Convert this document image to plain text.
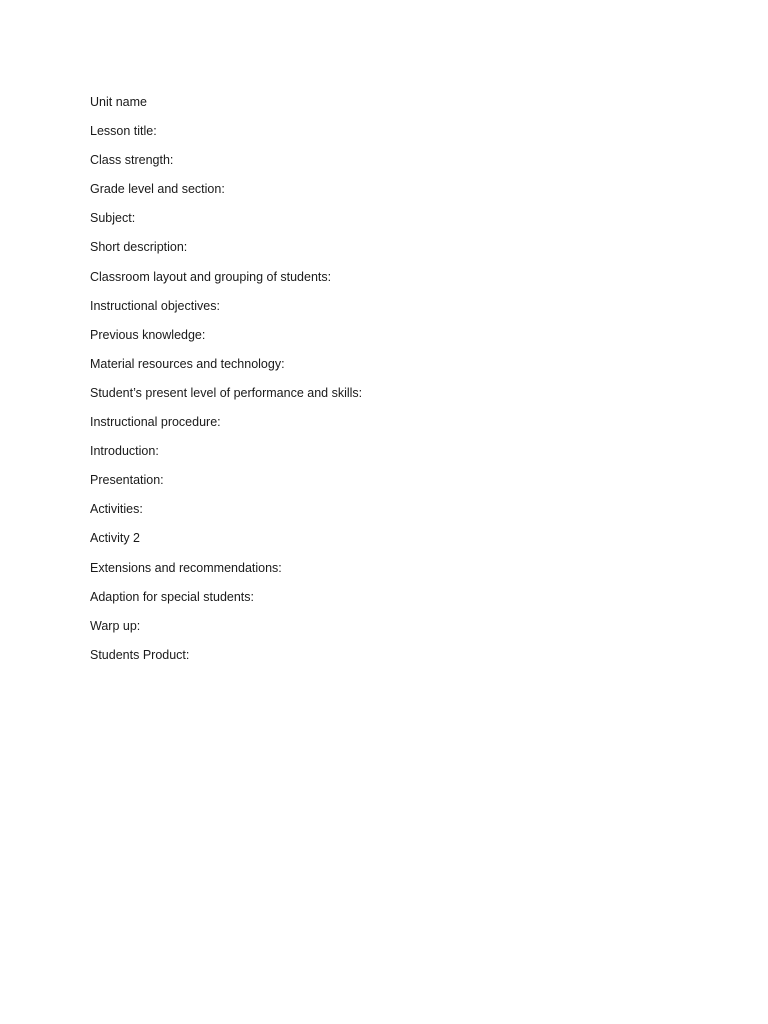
Unit name
Lesson title:
Class strength:
Grade level and section:
Subject:
Short description:
Classroom layout and grouping of students:
Instructional objectives:
Previous knowledge:
Material resources and technology:
Student’s present level of performance and skills:
Instructional procedure:
Introduction:
Presentation:
Activities:
Activity 2
Extensions and recommendations:
Adaption for special students:
Warp up:
Students Product:
